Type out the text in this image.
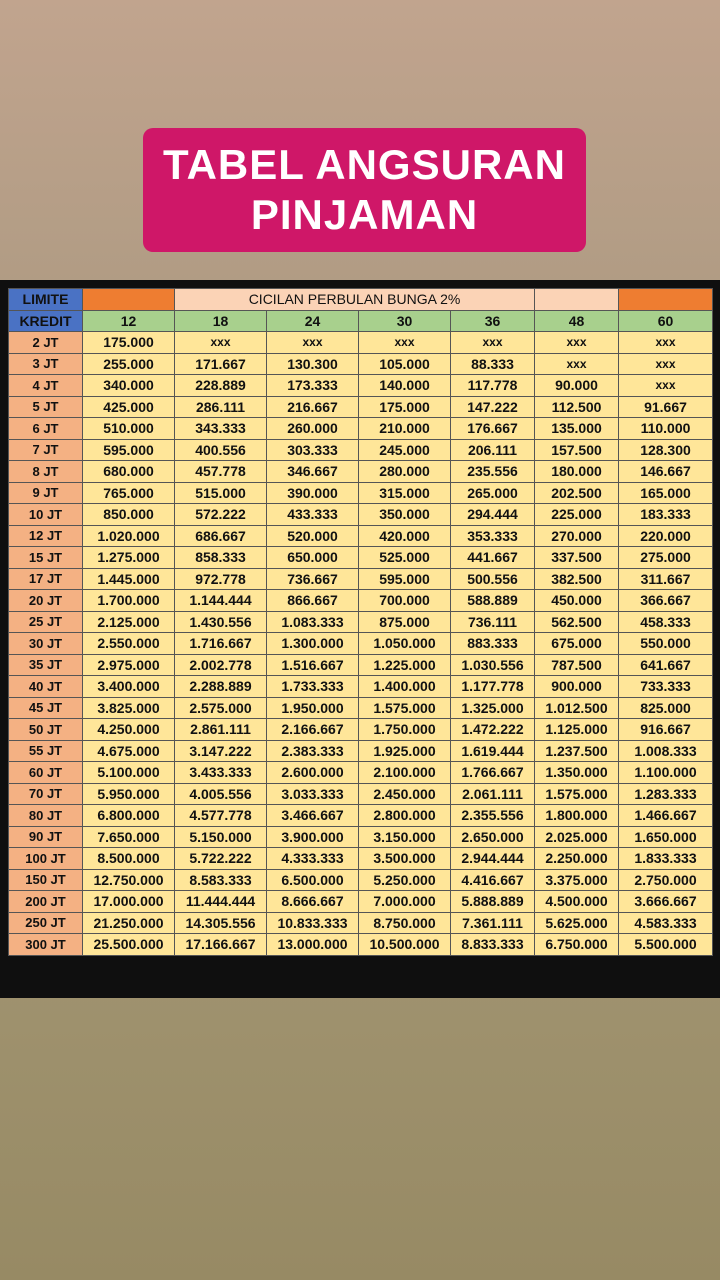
TABEL ANGSURAN
PINJAMAN
LIMITE		CICILAN PERBULAN BUNGA 2%					
KREDIT	12	18	24	30	36	48	60
2 JT	175.000	xxx	xxx	xxx	xxx	xxx	xxx
3 JT	255.000	171.667	130.300	105.000	88.333	xxx	xxx
4 JT	340.000	228.889	173.333	140.000	117.778	90.000	xxx
5 JT	425.000	286.111	216.667	175.000	147.222	112.500	91.667
6 JT	510.000	343.333	260.000	210.000	176.667	135.000	110.000
7 JT	595.000	400.556	303.333	245.000	206.111	157.500	128.300
8 JT	680.000	457.778	346.667	280.000	235.556	180.000	146.667
9 JT	765.000	515.000	390.000	315.000	265.000	202.500	165.000
10 JT	850.000	572.222	433.333	350.000	294.444	225.000	183.333
12 JT	1.020.000	686.667	520.000	420.000	353.333	270.000	220.000
15 JT	1.275.000	858.333	650.000	525.000	441.667	337.500	275.000
17 JT	1.445.000	972.778	736.667	595.000	500.556	382.500	311.667
20 JT	1.700.000	1.144.444	866.667	700.000	588.889	450.000	366.667
25 JT	2.125.000	1.430.556	1.083.333	875.000	736.111	562.500	458.333
30 JT	2.550.000	1.716.667	1.300.000	1.050.000	883.333	675.000	550.000
35 JT	2.975.000	2.002.778	1.516.667	1.225.000	1.030.556	787.500	641.667
40 JT	3.400.000	2.288.889	1.733.333	1.400.000	1.177.778	900.000	733.333
45 JT	3.825.000	2.575.000	1.950.000	1.575.000	1.325.000	1.012.500	825.000
50 JT	4.250.000	2.861.111	2.166.667	1.750.000	1.472.222	1.125.000	916.667
55 JT	4.675.000	3.147.222	2.383.333	1.925.000	1.619.444	1.237.500	1.008.333
60 JT	5.100.000	3.433.333	2.600.000	2.100.000	1.766.667	1.350.000	1.100.000
70 JT	5.950.000	4.005.556	3.033.333	2.450.000	2.061.111	1.575.000	1.283.333
80 JT	6.800.000	4.577.778	3.466.667	2.800.000	2.355.556	1.800.000	1.466.667
90 JT	7.650.000	5.150.000	3.900.000	3.150.000	2.650.000	2.025.000	1.650.000
100 JT	8.500.000	5.722.222	4.333.333	3.500.000	2.944.444	2.250.000	1.833.333
150 JT	12.750.000	8.583.333	6.500.000	5.250.000	4.416.667	3.375.000	2.750.000
200 JT	17.000.000	11.444.444	8.666.667	7.000.000	5.888.889	4.500.000	3.666.667
250 JT	21.250.000	14.305.556	10.833.333	8.750.000	7.361.111	5.625.000	4.583.333
300 JT	25.500.000	17.166.667	13.000.000	10.500.000	8.833.333	6.750.000	5.500.000
